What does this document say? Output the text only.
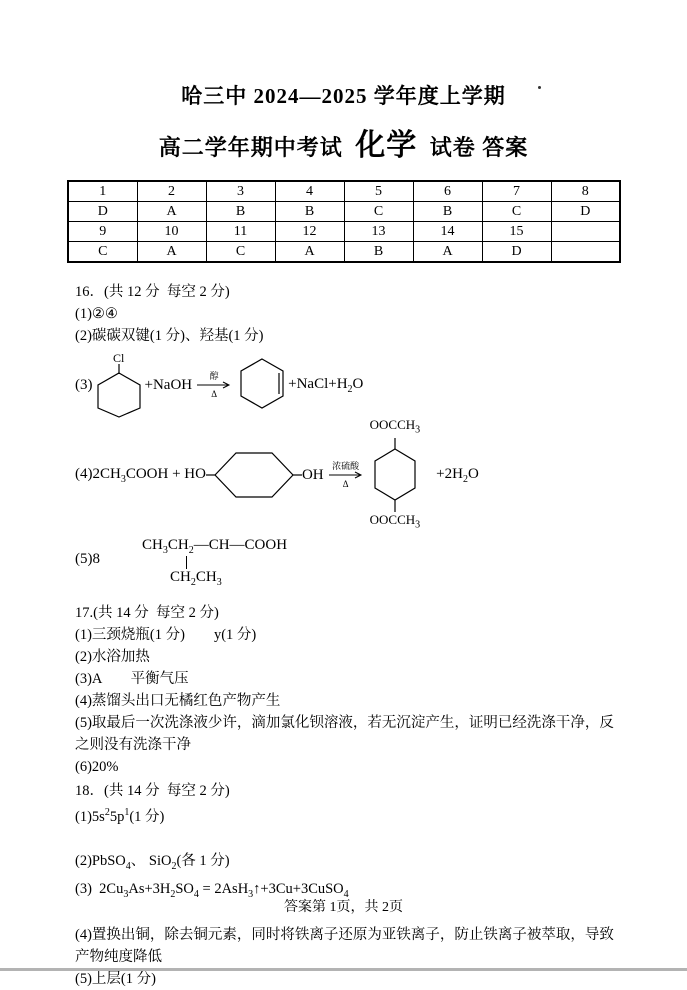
哈三中 2024—2025 学年度上学期
高二学年期中考试 化学 试卷 答案
1	2	3	4	5	6	7	8
D	A	B	B	C	B	C	D
9	10	11	12	13	14	15	
C	A	C	A	B	A	D	
16．(共 12 分  每空 2 分)
(1)②④
(2)碳碳双键(1 分)、羟基(1 分)
(3)
Cl
+NaOH
醇
Δ
$+NaCl+H_2O$
$(4)2CH_3COOH$ + HO	OH
浓硫酸
Δ
$OOCCH_3$
$OOCCH_3$
$+2H_2O$
(5)8
$CH_3CH_2—CH—COOH$
$CH_2CH_3$
17.(共 14 分  每空 2 分)
(1)三颈烧瓶(1 分)        y(1 分)
(2)水浴加热
(3)A        平衡气压
(4)蒸馏头出口无橘红色产物产生
(5)取最后一次洗涤液少许，滴加氯化钡溶液，若无沉淀产生，证明已经洗涤干净，反之则没有洗涤干净
(6)20%
18．(共 14 分  每空 2 分)
$(1)5s^25p^1(1$ 分)
(2)PbSO$_4$、 SiO$_2$(各 1 分)
(3)  $2Cu_3As+3H_2SO_4$ = 2AsH$_3$↑+3Cu+3CuSO$_4$
(4)置换出铜，除去铜元素，同时将铁离子还原为亚铁离子，防止铁离子被萃取，导致产物纯度降低
(5)上层(1 分)
答案第 1页，共 2页
